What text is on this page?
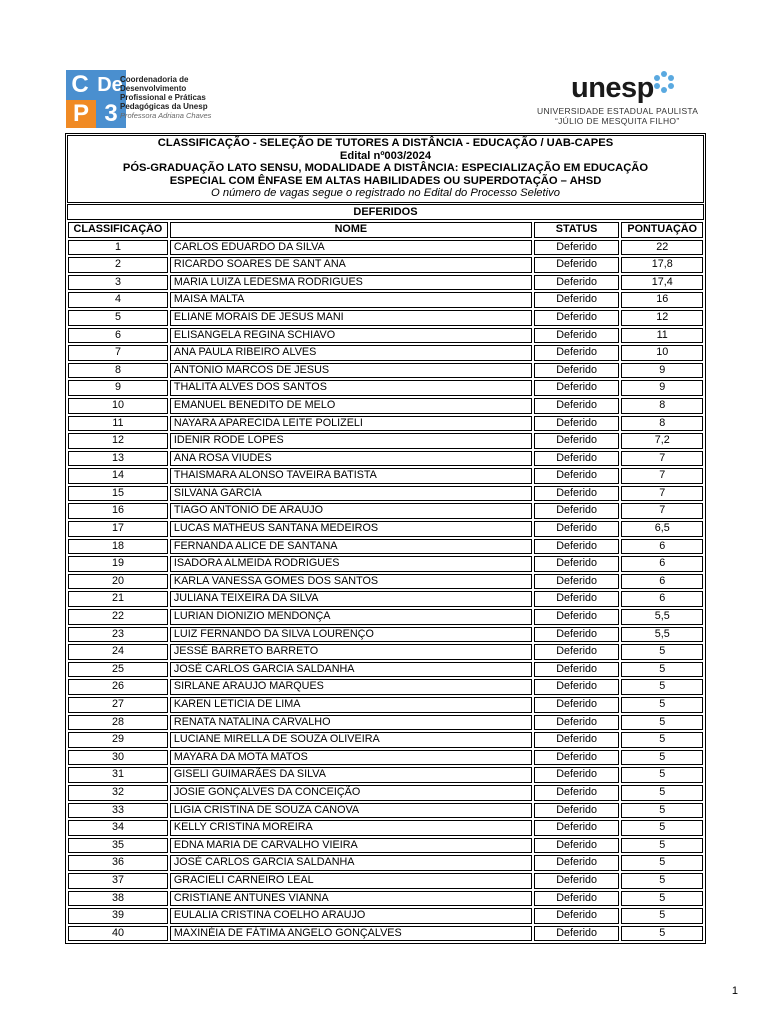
C De
P 3
Coordenadoria de
Desenvolvimento
Profissional e Práticas
Pedagógicas da Unesp
Professora Adriana Chaves
unesp
UNIVERSIDADE ESTADUAL PAULISTA
“JÚLIO DE MESQUITA FILHO”
CLASSIFICAÇÃO - SELEÇÃO DE TUTORES A DISTÂNCIA - EDUCAÇÃO / UAB-CAPES
Edital nº003/2024
PÓS-GRADUAÇÃO LATO SENSU, MODALIDADE A DISTÂNCIA: ESPECIALIZAÇÃO EM EDUCAÇÃO
ESPECIAL COM ÊNFASE EM ALTAS HABILIDADES OU SUPERDOTAÇÃO – AHSD
O número de vagas segue o registrado no Edital do Processo Seletivo
DEFERIDOS
CLASSIFICAÇÃO	NOME	STATUS	PONTUAÇÃO
1	CARLOS EDUARDO DA SILVA	Deferido	22
2	RICARDO SOARES DE SANT ANA	Deferido	17,8
3	MARIA LUIZA LEDESMA RODRIGUES	Deferido	17,4
4	MAISA MALTA	Deferido	16
5	ELIANE MORAIS DE JESUS MANI	Deferido	12
6	ELISANGELA REGINA SCHIAVO	Deferido	11
7	ANA PAULA RIBEIRO ALVES	Deferido	10
8	ANTONIO MARCOS DE JESUS	Deferido	9
9	THALITA ALVES DOS SANTOS	Deferido	9
10	EMANUEL BENEDITO DE MELO	Deferido	8
11	NAYARA APARECIDA LEITE POLIZELI	Deferido	8
12	IDENIR RODE LOPES	Deferido	7,2
13	ANA ROSA VIUDES	Deferido	7
14	THAISMARA ALONSO TAVEIRA BATISTA	Deferido	7
15	SILVANA GARCIA	Deferido	7
16	TIAGO ANTONIO DE ARAUJO	Deferido	7
17	LUCAS MATHEUS SANTANA MEDEIROS	Deferido	6,5
18	FERNANDA ALICE DE SANTANA	Deferido	6
19	ISADORA ALMEIDA RODRIGUES	Deferido	6
20	KARLA VANESSA GOMES DOS SANTOS	Deferido	6
21	JULIANA TEIXEIRA DA SILVA	Deferido	6
22	LURIAN DIONIZIO MENDONÇA	Deferido	5,5
23	LUIZ FERNANDO DA SILVA LOURENÇO	Deferido	5,5
24	JESSÉ BARRETO BARRETO	Deferido	5
25	JOSÉ CARLOS GARCIA SALDANHA	Deferido	5
26	SIRLANE ARAUJO MARQUES	Deferido	5
27	KAREN LETICIA DE LIMA	Deferido	5
28	RENATA NATALINA CARVALHO	Deferido	5
29	LUCIANE MIRELLA DE SOUZA OLIVEIRA	Deferido	5
30	MAYARA DA MOTA MATOS	Deferido	5
31	GISELI GUIMARÃES DA SILVA	Deferido	5
32	JOSIE GONÇALVES DA CONCEIÇÃO	Deferido	5
33	LIGIA CRISTINA DE SOUZA CANOVA	Deferido	5
34	KELLY CRISTINA MOREIRA	Deferido	5
35	EDNA MARIA DE CARVALHO VIEIRA	Deferido	5
36	JOSÉ CARLOS GARCIA SALDANHA	Deferido	5
37	GRACIELI CARNEIRO LEAL	Deferido	5
38	CRISTIANE ANTUNES VIANNA	Deferido	5
39	EULALIA CRISTINA COELHO ARAUJO	Deferido	5
40	MAXINÉIA DE FÁTIMA ANGELO GONÇALVES	Deferido	5
1
